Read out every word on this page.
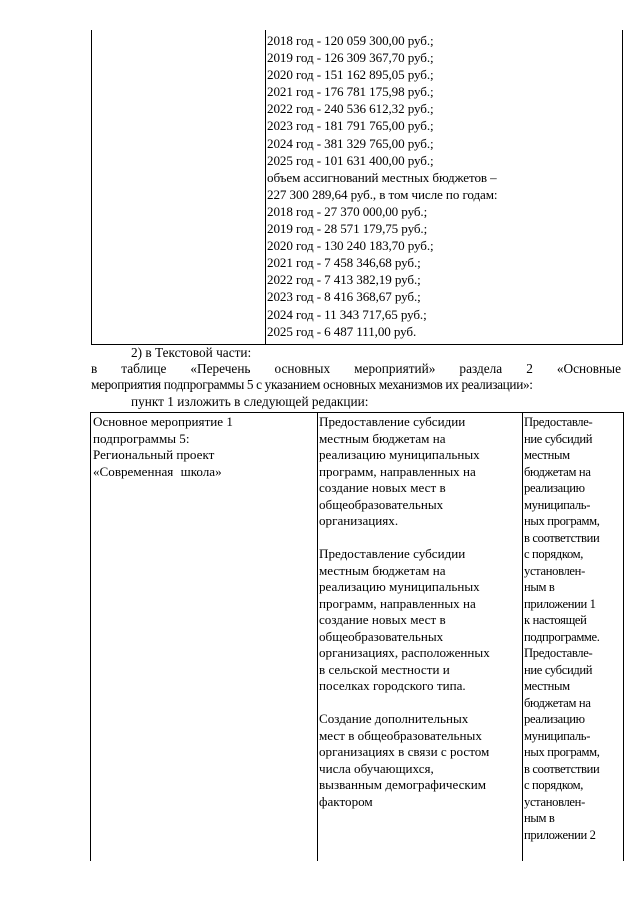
2018 год - 120 059 300,00 руб.;

2019 год - 126 309 367,70 руб.;

2020 год - 151 162 895,05 руб.;

2021 год - 176 781 175,98 руб.;

2022 год - 240 536 612,32 руб.;

2023 год - 181 791 765,00 руб.;

2024 год - 381 329 765,00 руб.;

2025 год - 101 631 400,00 руб.;

объем ассигнований местных бюджетов –

227 300 289,64 руб., в том числе по годам:

2018 год - 27 370 000,00 руб.;

2019 год - 28 571 179,75 руб.;

2020 год - 130 240 183,70 руб.;

2021 год - 7 458 346,68 руб.;

2022 год - 7 413 382,19 руб.;

2023 год - 8 416 368,67 руб.;

2024 год - 11 343 717,65 руб.;

2025 год - 6 487 111,00 руб.

2) в Текстовой части:

в таблице «Перечень основных мероприятий» раздела 2 «Основные

мероприятия подпрограммы 5 с указанием основных механизмов их реализации»:

пункт 1 изложить в следующей редакции:

Основное мероприятие 1

подпрограммы 5:

Региональный проект

«Современная школа»

Предоставление субсидии

местным бюджетам на

реализацию муниципальных

программ, направленных на

создание новых мест в

общеобразовательных

организациях.

Предоставление субсидии

местным бюджетам на

реализацию муниципальных

программ, направленных на

создание новых мест в

общеобразовательных

организациях, расположенных

в сельской местности и

поселках городского типа.

Создание дополнительных

мест в общеобразовательных

организациях в связи с ростом

числа обучающихся,

вызванным демографическим

фактором

Предоставле-

ние субсидий

местным

бюджетам на

реализацию

муниципаль-

ных программ,

в соответствии

с порядком,

установлен-

ным в

приложении 1

к настоящей

подпрограмме.

Предоставле-

ние субсидий

местным

бюджетам на

реализацию

муниципаль-

ных программ,

в соответствии

с порядком,

установлен-

ным в

приложении 2
